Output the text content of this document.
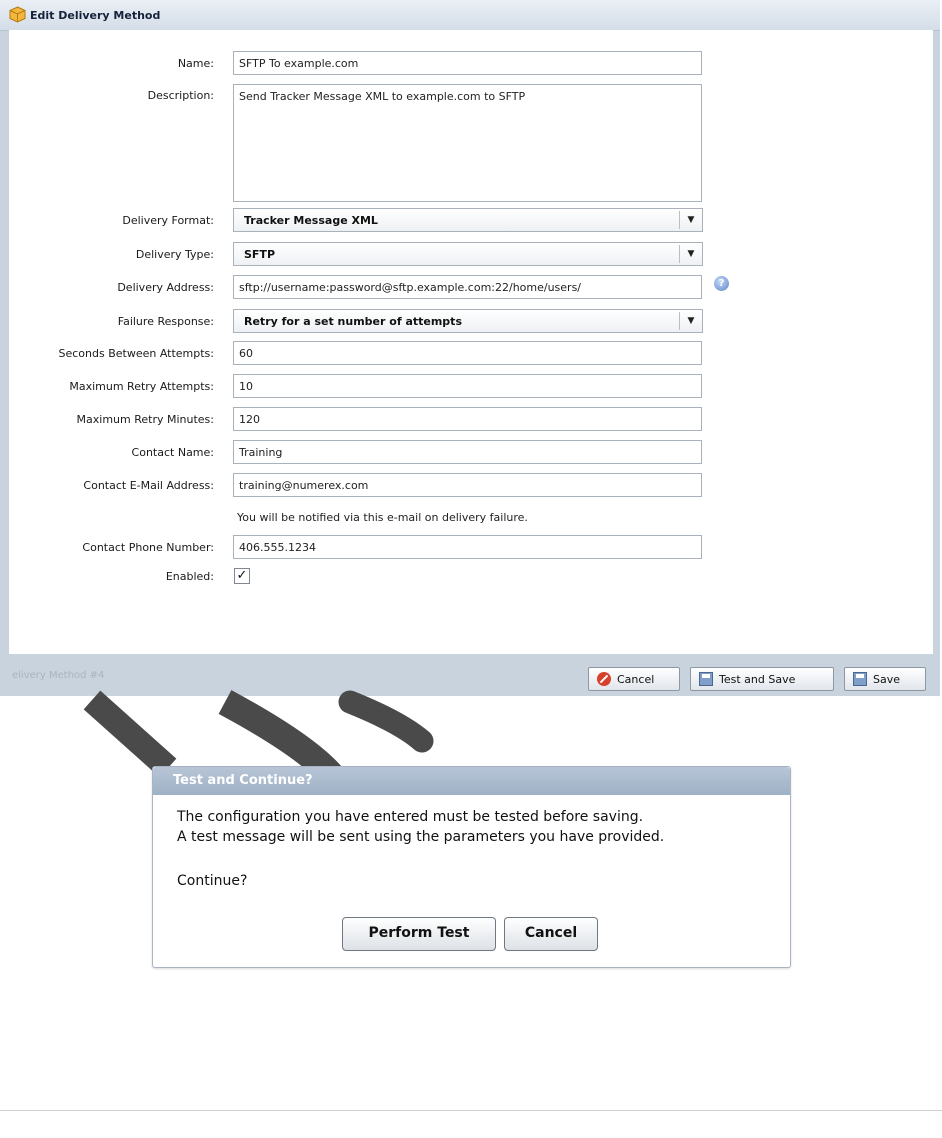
Edit Delivery Method
Name:	SFTP To example.com
Description:	Send Tracker Message XML to example.com to SFTP
Delivery Format:	Tracker Message XML	▼
Delivery Type:	SFTP	▼
Delivery Address:	sftp://username:password@sftp.example.com:22/home/users/	?
Failure Response:	Retry for a set number of attempts	▼
Seconds Between Attempts:	60
Maximum Retry Attempts:	10
Maximum Retry Minutes:	120
Contact Name:	Training
Contact E-Mail Address:	training@numerex.com
You will be notified via this e-mail on delivery failure.
Contact Phone Number:	406.555.1234
Enabled: ✓
elivery Method #4	Cancel	Test and Save	Save
Test and Continue?
The configuration you have entered must be tested before saving.
A test message will be sent using the parameters you have provided.
Continue?
Perform Test	Cancel
